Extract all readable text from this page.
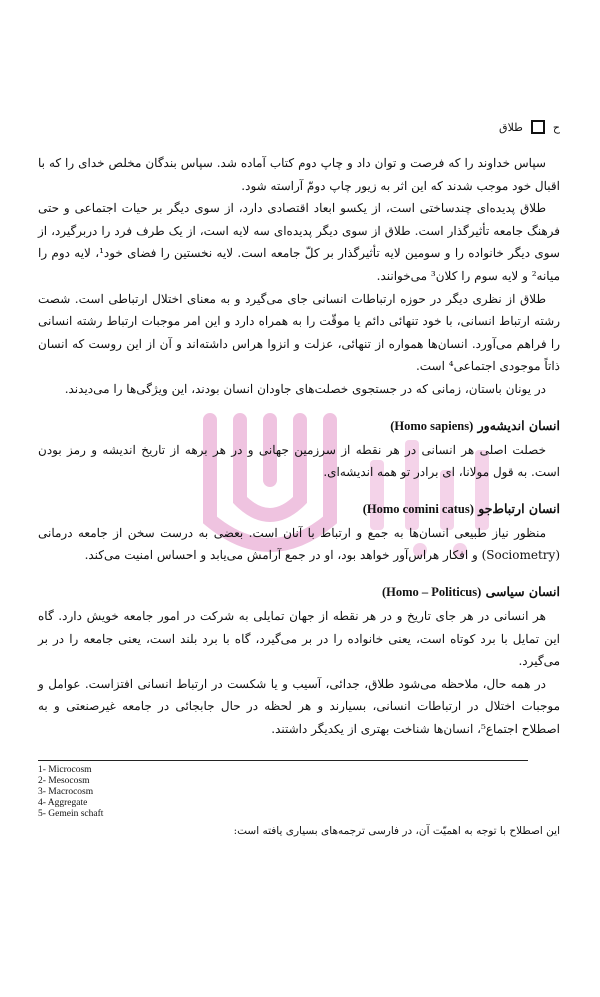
ح
طلاق

سپاس خداوند را که فرصت و توان داد و چاپ دوم کتاب آماده شد. سپاس بندگان مخلص خدای را که با اقبال خود موجب شدند که این اثر به زیور چاپ دومّ آراسته شود.

طلاق پدیده‌ای چندساختی است، از یکسو ابعاد اقتصادی دارد، از سوی دیگر بر حیات اجتماعی و حتی فرهنگ جامعه تأثیرگذار است. طلاق از سوی دیگر پدیده‌ای سه لایه است، از یک طرف فرد را دربرگیرد، از سوی دیگر خانواده را و سومین لایه تأثیرگذار بر کلّ جامعه است. لایه نخستین را فضای خود¹، لایه دوم را میانه² و لایه سوم را کلان³ می‌خوانند.

طلاق از نظری دیگر در حوزه ارتباطات انسانی جای می‌گیرد و به معنای اختلال ارتباطی است. شصت رشته ارتباط انسانی، با خود تنهائی دائم یا موقّت را به همراه دارد و این امر موجبات ارتباط رشته انسانی را فراهم می‌آورد. انسان‌ها همواره از تنهائی، عزلت و انزوا هراس داشته‌اند و آن از این روست که انسان ذاتاً موجودی اجتماعی⁴ است.

در یونان باستان، زمانی که در جستجوی خصلت‌های جاودان انسان بودند، این ویژگی‌ها را می‌دیدند.

انسان اندیشه‌ور (Homo sapiens)

خصلت اصلی هر انسانی در هر نقطه از سرزمین جهانی و در هر برهه از تاریخ اندیشه و رمز بودن است. به قول مولانا، ای برادر تو همه اندیشه‌ای.

انسان ارتباط‌جو (Homo comini catus)

منظور نیاز طبیعی انسان‌ها به جمع و ارتباط با آنان است. بعضی به درست سخن از جامعه درمانی (Sociometry) و افکار هراس‌آور خواهد بود، او در جمع آرامش می‌یابد و احساس امنیت می‌کند.

انسان سیاسی (Homo – Politicus)

هر انسانی در هر جای تاریخ و در هر نقطه از جهان تمایلی به شرکت در امور جامعه خویش دارد. گاه این تمایل با برد کوتاه است، یعنی خانواده را در بر می‌گیرد، گاه با برد بلند است، یعنی جامعه را در بر می‌گیرد.

در همه حال، ملاحظه می‌شود طلاق، جدائی، آسیب و یا شکست در ارتباط انسانی افتزاست. عوامل و موجبات اختلال در ارتباطات انسانی، بسیارند و هر لحظه در حال جابجائی در جامعه غیرصنعتی و به اصطلاح اجتماع⁵، انسان‌ها شناخت بهتری از یکدیگر داشتند.

1- Microcosm
2- Mesocosm
3- Macrocosm
4- Aggregate
5- Gemein schaft
این اصطلاح با توجه به اهمیّت آن، در فارسی ترجمه‌های بسیاری یافته است:
